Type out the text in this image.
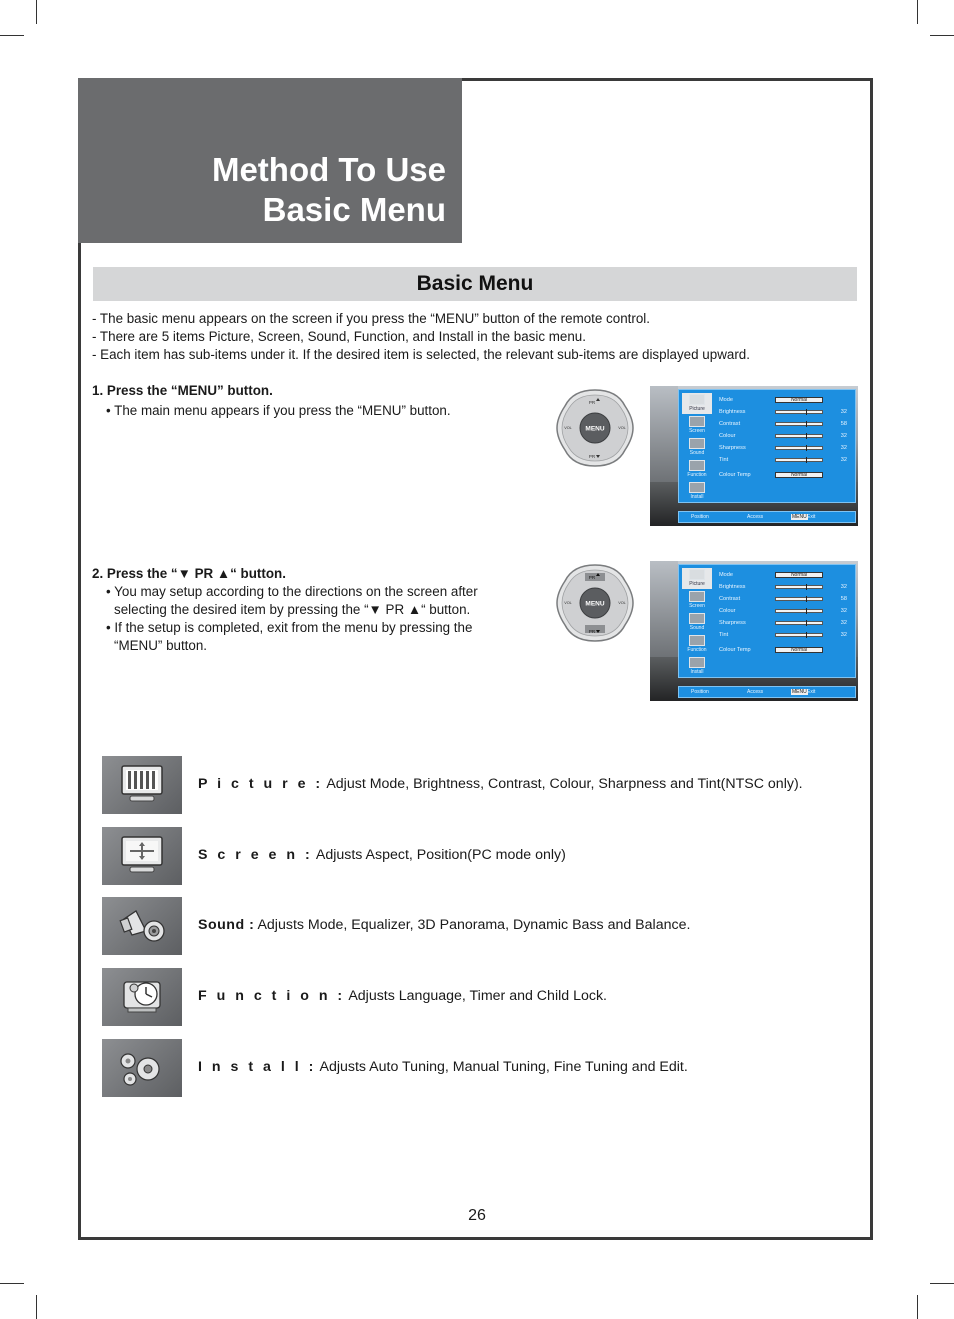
Method To Use
Basic Menu
Basic Menu
- The basic menu appears on the screen if you press the “MENU” button of the remote control.
- There are 5 items Picture, Screen, Sound, Function, and Install in the basic menu.
- Each item has sub-items under it. If the desired item is selected, the relevant sub-items are displayed upward.
1. Press the “MENU” button.
• The main menu appears if you press the “MENU” button.
2. Press the “▼ PR ▲“ button.
• You may setup according to the directions on the screen after
selecting the desired item by pressing the “▼ PR ▲“ button.
• If the setup is completed, exit from the menu by pressing the
“MENU” button.
MENU
PR
PR
VOL	VOL
MENU
PR
PR
VOL	VOL
Picture
Screen
Sound
Function
Install
Mode	Normal
Brightness	32
Contrast	58
Colour	32
Sharpness	32
Tint	32
Colour Temp	Normal
Position	Access	MENU Exit
Picture
Screen
Sound
Function
Install
Mode	Normal
Brightness	32
Contrast	58
Colour	32
Sharpness	32
Tint	32
Colour Temp	Normal
Position	Access	MENU Exit
P i c t u r e : Adjust Mode, Brightness, Contrast, Colour, Sharpness and Tint(NTSC only).
S c r e e n : Adjusts Aspect, Position(PC mode only)
Sound : Adjusts Mode, Equalizer, 3D Panorama, Dynamic Bass and Balance.
F u n c t i o n : Adjusts Language, Timer and Child Lock.
I n s t a l l : Adjusts Auto Tuning, Manual Tuning, Fine Tuning and Edit.
26
